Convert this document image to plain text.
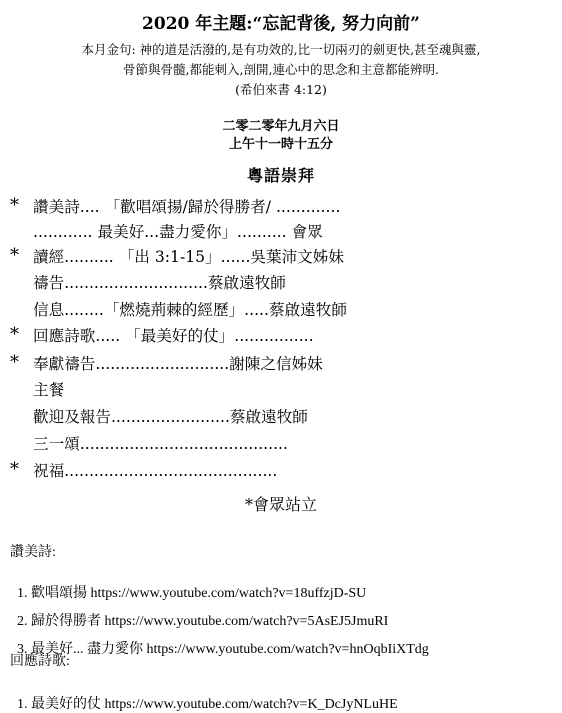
2020 年主題:“忘記背後, 努力向前”
本月金句: 神的道是活潑的,是有功效的,比一切兩刃的劍更快,甚至魂與靈,
骨節與骨髓,都能刺入,剖開,連心中的思念和主意都能辨明.
(希伯來書 4:12)
二零二零年九月六日
上午十一時十五分
粵語崇拜
* 讚美詩.... 「歡唱頌揚/歸於得勝者/ .............
............ 最美好...盡力愛你」.......... 會眾
* 讀經.......... 「出 3:1-15」......吳葉沛文姊妹
禱告.............................蔡啟遠牧師
信息........「燃燒荊棘的經歷」.....蔡啟遠牧師
* 回應詩歌..... 「最美好的仗」................
* 奉獻禱告...........................謝陳之信姊妹
主餐
歡迎及報告........................蔡啟遠牧師
三一頌..........................................
* 祝福...........................................
*會眾站立
讚美詩:

1. 歡唱頌揚 https://www.youtube.com/watch?v=18uffzjD-SU

2. 歸於得勝者 https://www.youtube.com/watch?v=5AsEJ5JmuRI

3. 最美好... 盡力愛你 https://www.youtube.com/watch?v=hnOqbIiXTdg

回應詩歌:

1. 最美好的仗 https://www.youtube.com/watch?v=K_DcJyNLuHE
